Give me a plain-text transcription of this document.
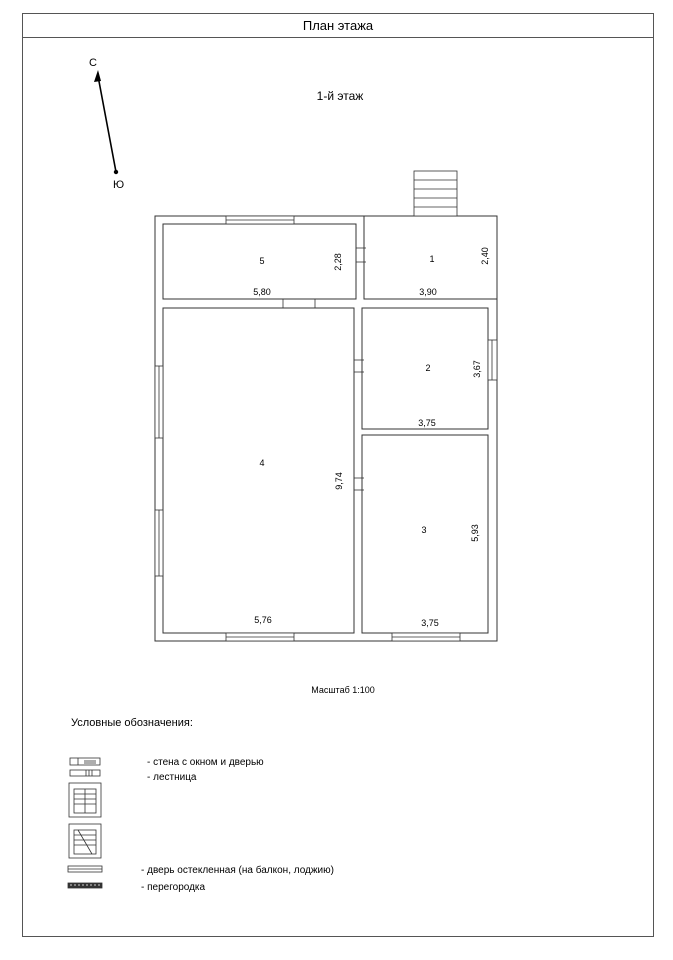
План этажа
С
Ю
1-й этаж
5
5,80
2,28	1
3,90
2,40
2
3,75
3,67
3
3,75
5,93
4
5,76
9,74
Масштаб 1:100
Условные обозначения:
- стена с окном и дверью
- лестница
- дверь остекленная (на балкон, лоджию)
- перегородка
